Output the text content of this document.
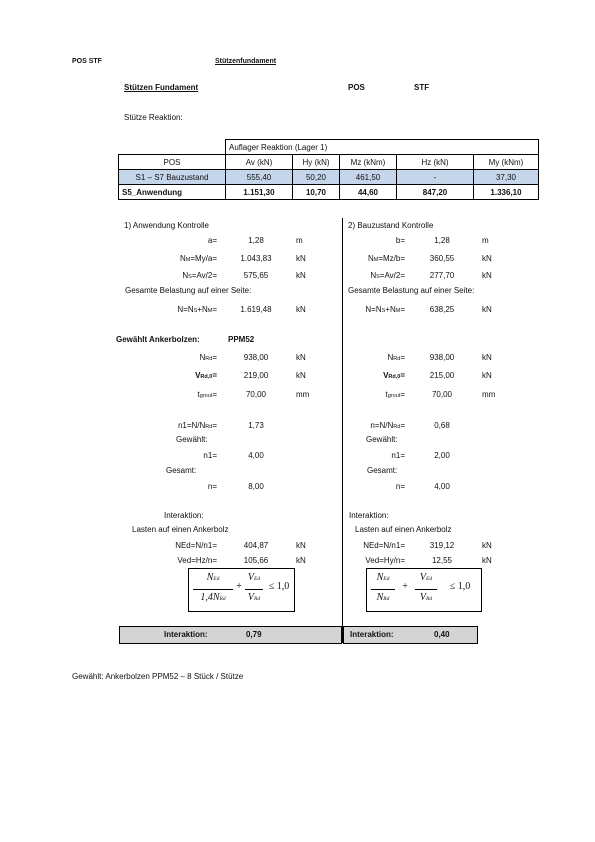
POS STF	Stützenfundament
Stützen Fundament	POS	STF
Stütze Reaktion:
	Auflager Reaktion (Lager 1)				
POS	Av (kN)	Hy (kN)	Mz (kNm)	Hz (kN)	My (kNm)
S1 – S7 Bauzustand	555,40	50,20	461,50	-	37,30
S5_Anwendung	1.151,30	10,70	44,60	847,20	1.336,10
1) Anwendung Kontrolle
a=	1,28	m
NM=My/a=	1.043,83	kN
NS=Av/2=	575,65	kN
Gesamte Belastung auf einer Seite:
N=NS+NM=	1.619,48	kN
Gewählt Ankerbolzen:	PPM52
NRd=	938,00	kN
VRd,0=	219,00	kN
tgrout=	70,00	mm
n1=N/NRd=	1,73
Gewählt:
n1=	4,00
Gesamt:
n=	8,00
Interaktion:
Lasten auf einen Ankerbolz
NEd=N/n1=	404,87	kN
Ved=Hz/n=	105,66	kN
NEd
1,4NRd
+
VEd
VRd
≤ 1,0
Interaktion:	0,79
2) Bauzustand Kontrolle
b=	1,28	m
NM=Mz/b=	360,55	kN
NS=Av/2=	277,70	kN
Gesamte Belastung auf einer Seite:
N=NS+NM=	638,25	kN
NRd=	938,00	kN
VRd,0=	215,00	kN
tgrout=	70,00	mm
n=N/NRd=	0,68
Gewählt:
n1=	2,00
Gesamt:
n=	4,00
Interaktion:
Lasten auf einen Ankerbolz
NEd=N/n1=	319,12	kN
Ved=Hy/n=	12,55	kN
NEd
NRd
+
VEd
VRd
≤ 1,0
Interaktion:	0,40
Gewählt: Ankerbolzen PPM52 – 8 Stück / Stütze
